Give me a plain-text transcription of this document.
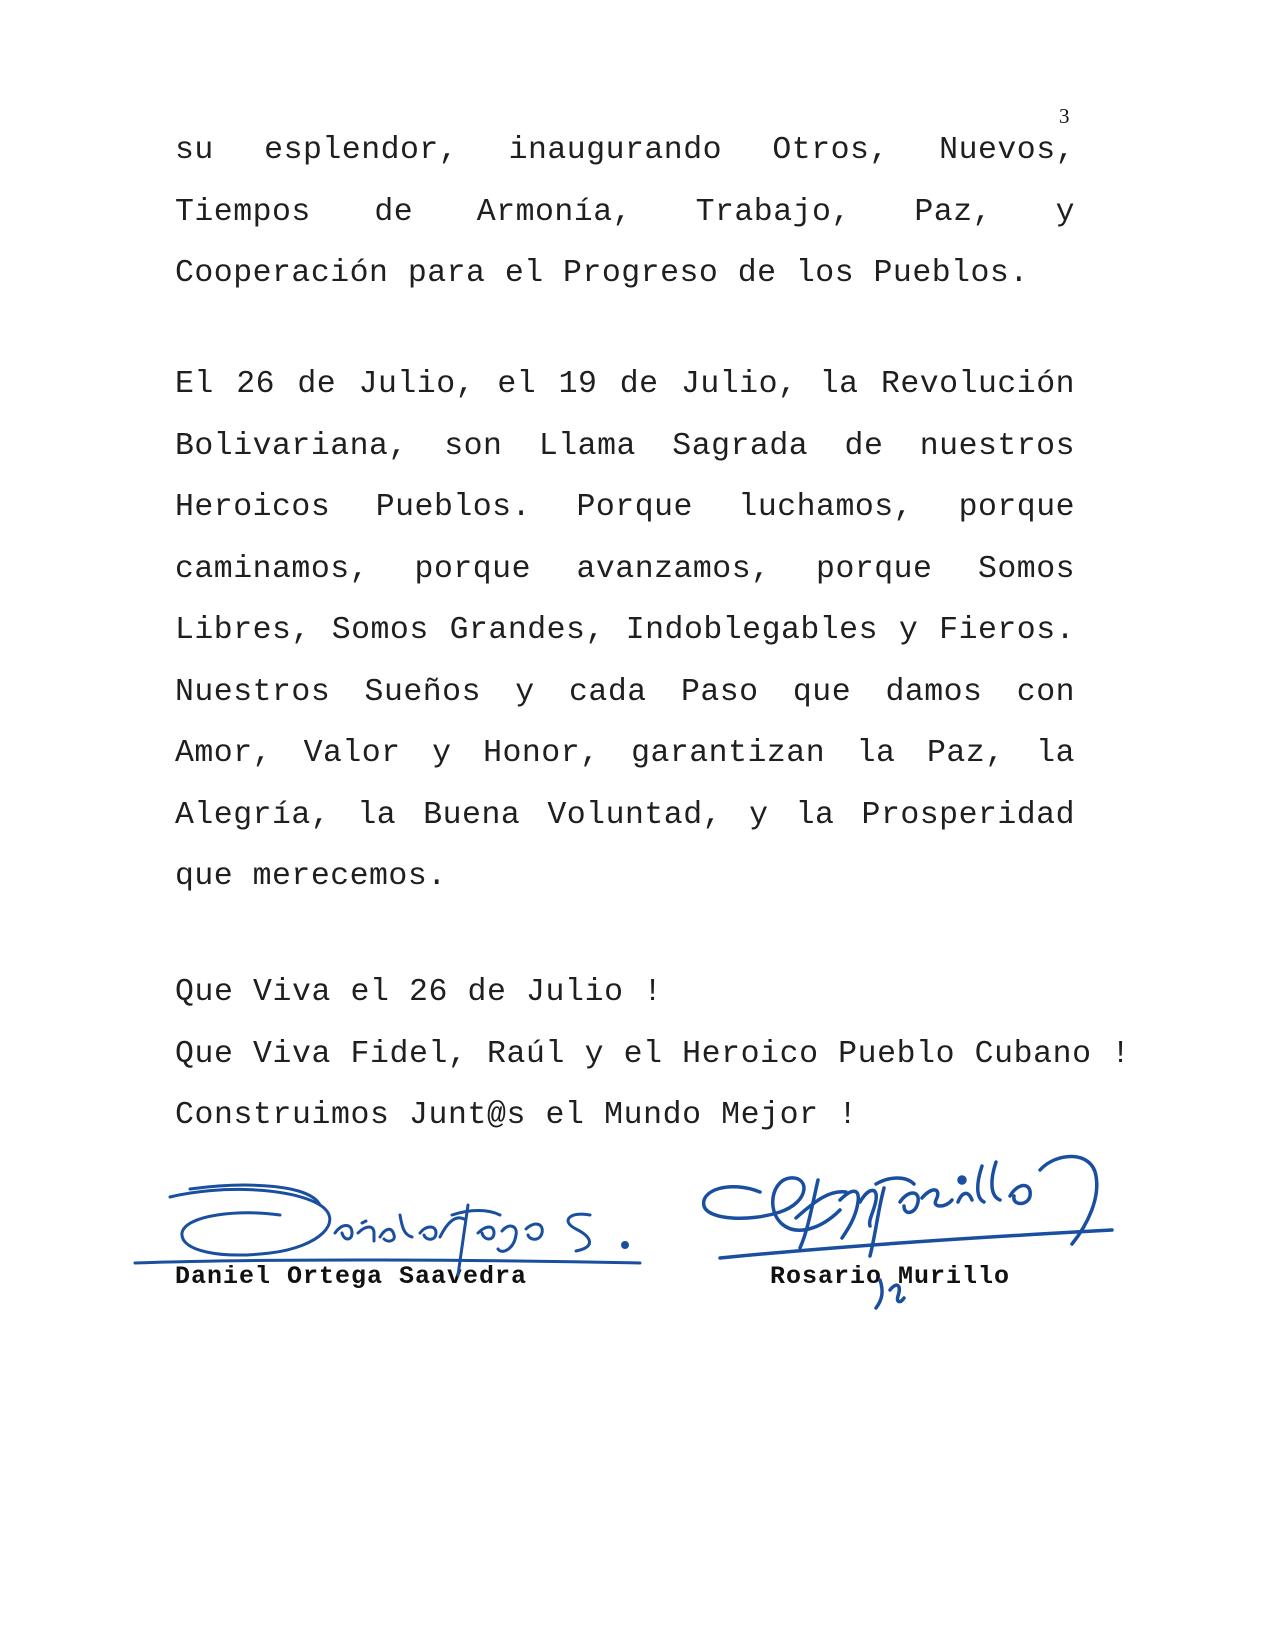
3

su esplendor, inaugurando Otros, Nuevos, Tiempos de Armonía, Trabajo, Paz, y Cooperación para el Progreso de los Pueblos.

El 26 de Julio, el 19 de Julio, la Revolución Bolivariana, son Llama Sagrada de nuestros Heroicos Pueblos. Porque luchamos, porque caminamos, porque avanzamos, porque Somos Libres, Somos Grandes, Indoblegables y Fieros. Nuestros Sueños y cada Paso que damos con Amor, Valor y Honor, garantizan la Paz, la Alegría, la Buena Voluntad, y la Prosperidad que merecemos.

Que Viva el 26 de Julio !
Que Viva Fidel, Raúl y el Heroico Pueblo Cubano !
Construimos Junt@s el Mundo Mejor !
Daniel Ortega Saavedra	Rosario Murillo
